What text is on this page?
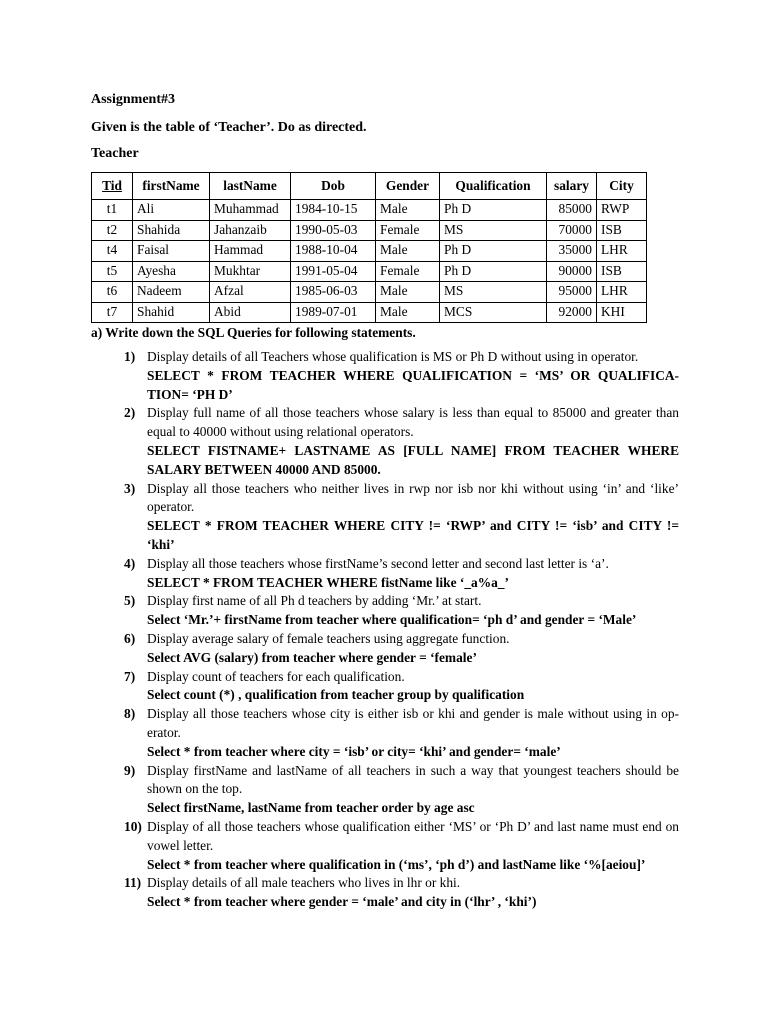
Assignment#3
Given is the table of ‘Teacher’. Do as directed.
Teacher
Tid	firstName	lastName	Dob	Gender	Qualification	salary	City
t1	Ali	Muhammad	1984-10-15	Male	Ph D	85000	RWP
t2	Shahida	Jahanzaib	1990-05-03	Female	MS	70000	ISB
t4	Faisal	Hammad	1988-10-04	Male	Ph D	35000	LHR
t5	Ayesha	Mukhtar	1991-05-04	Female	Ph D	90000	ISB
t6	Nadeem	Afzal	1985-06-03	Male	MS	95000	LHR
t7	Shahid	Abid	1989-07-01	Male	MCS	92000	KHI
a) Write down the SQL Queries for following statements.
1) Display details of all Teachers whose qualification is MS or Ph D without using in operator.
SELECT * FROM TEACHER WHERE QUALIFICATION = ‘MS’ OR QUALIFICA-TION= ‘PH D’
2) Display full name of all those teachers whose salary is less than equal to 85000 and greater than equal to 40000 without using relational operators.
SELECT FISTNAME+ LASTNAME AS [FULL NAME] FROM TEACHER WHERE SALARY BETWEEN 40000 AND 85000.
3) Display all those teachers who neither lives in rwp nor isb nor khi without using ‘in’ and ‘like’ operator.
SELECT * FROM TEACHER WHERE CITY != ‘RWP’ and CITY != ‘isb’ and CITY != ‘khi’
4) Display all those teachers whose firstName’s second letter and second last letter is ‘a’.
SELECT * FROM TEACHER WHERE fistName like ‘_a%a_’
5) Display first name of all Ph d teachers by adding ‘Mr.’ at start.
Select ‘Mr.’+ firstName from teacher where qualification= ‘ph d’ and gender = ‘Male’
6) Display average salary of female teachers using aggregate function.
Select AVG (salary) from teacher where gender = ‘female’
7) Display count of teachers for each qualification.
Select count (*) , qualification from teacher group by qualification
8) Display all those teachers whose city is either isb or khi and gender is male without using in op-erator.
Select * from teacher where city = ‘isb’ or city= ‘khi’ and gender= ‘male’
9) Display firstName and lastName of all teachers in such a way that youngest teachers should be shown on the top.
Select firstName, lastName from teacher order by age asc
10) Display of all those teachers whose qualification either ‘MS’ or ‘Ph D’ and last name must end on vowel letter.
Select * from teacher where qualification in (‘ms’, ‘ph d’) and lastName like ‘%[aeiou]’
11) Display details of all male teachers who lives in lhr or khi.
Select * from teacher where gender = ‘male’ and city in (‘lhr’ , ‘khi’)
